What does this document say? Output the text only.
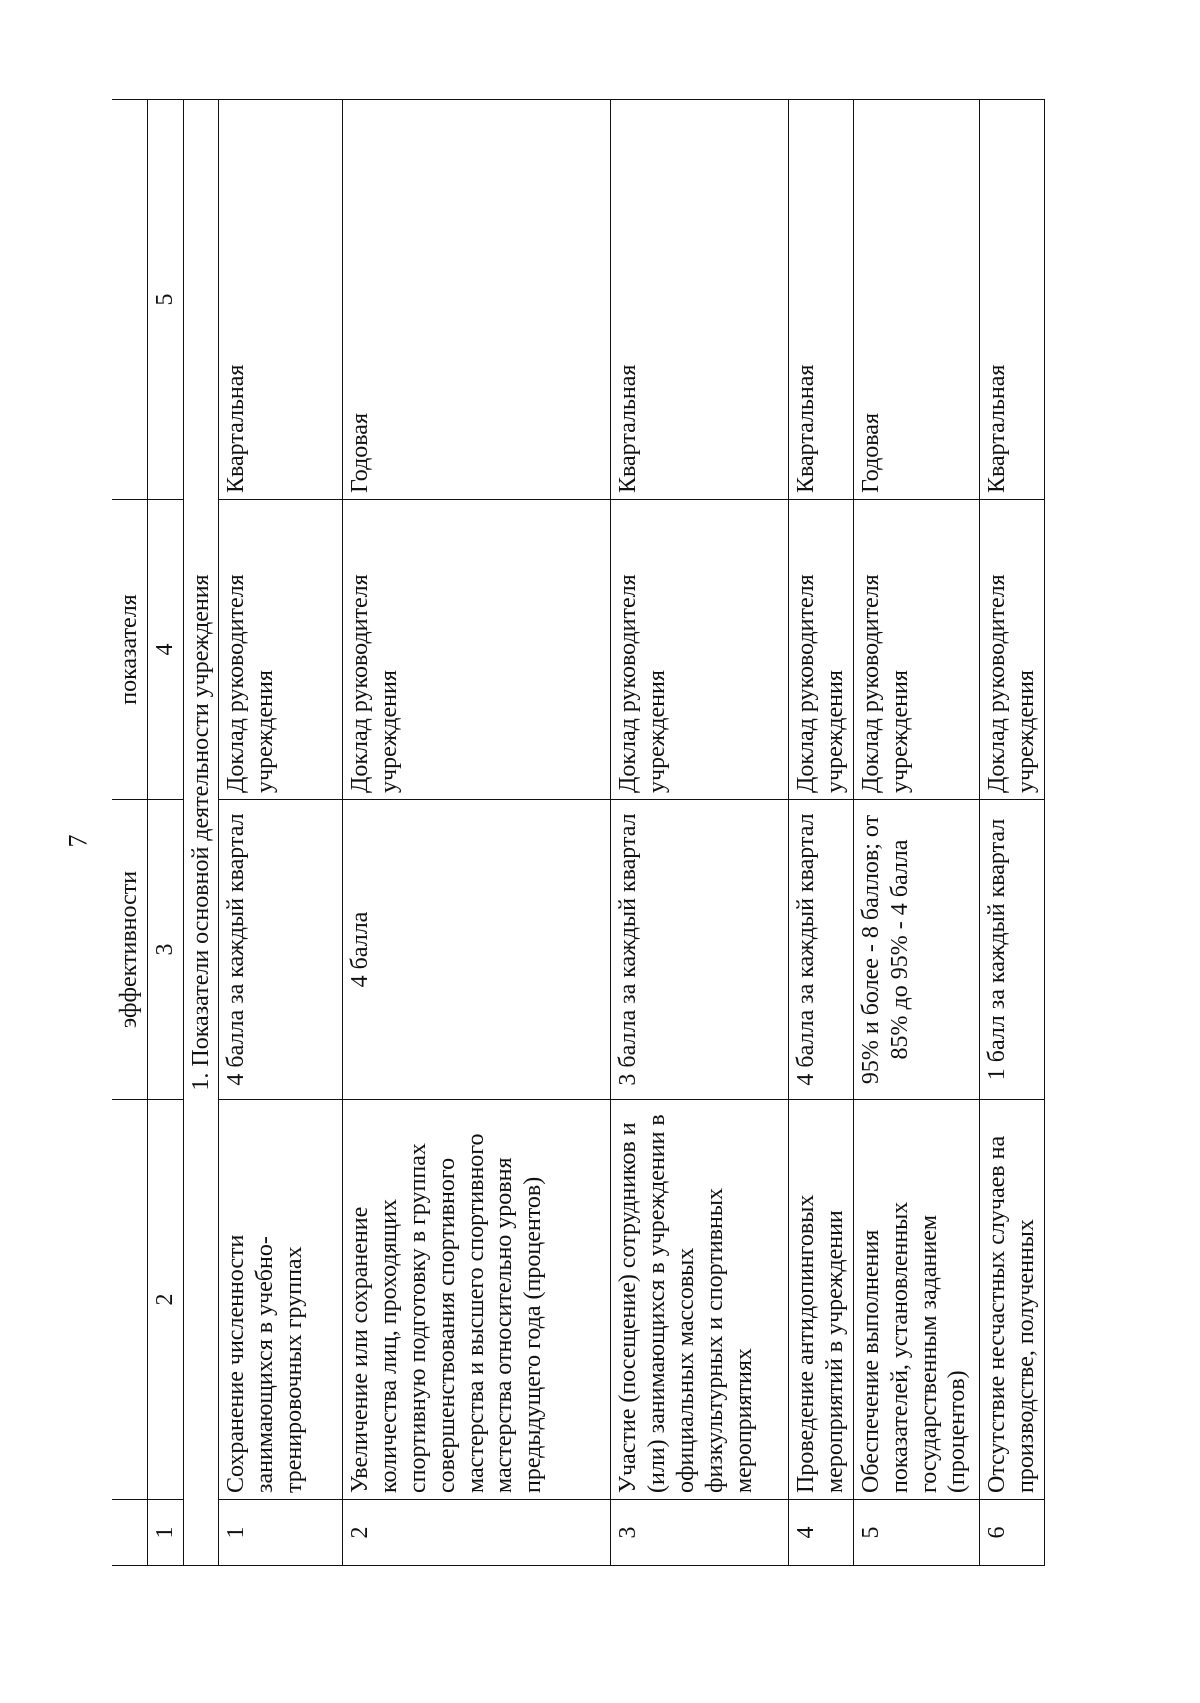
7
		эффективности	показателя	
1	2	3	4	5
1. Показатели основной деятельности учреждения				
1	Сохранение численности занимающихся в учебно-тренировочных группах	4 балла за каждый квартал	Доклад руководителя учреждения	Квартальная
2	Увеличение или сохранение количества лиц, проходящих спортивную подготовку в группах совершенствования спортивного мастерства и высшего спортивного мастерства относительно уровня предыдущего года (процентов)	4 балла	Доклад руководителя учреждения	Годовая
3	Участие (посещение) сотрудников и (или) занимающихся в учреждении в официальных массовых физкультурных и спортивных мероприятиях	3 балла за каждый квартал	Доклад руководителя учреждения	Квартальная
4	Проведение антидопинговых мероприятий в учреждении	4 балла за каждый квартал	Доклад руководителя учреждения	Квартальная
5	Обеспечение выполнения показателей, установленных государственным заданием (процентов)	95% и более - 8 баллов; от 85% до 95% - 4 балла	Доклад руководителя учреждения	Годовая
6	Отсутствие несчастных случаев на производстве, полученных	1 балл за каждый квартал	Доклад руководителя учреждения	Квартальная
